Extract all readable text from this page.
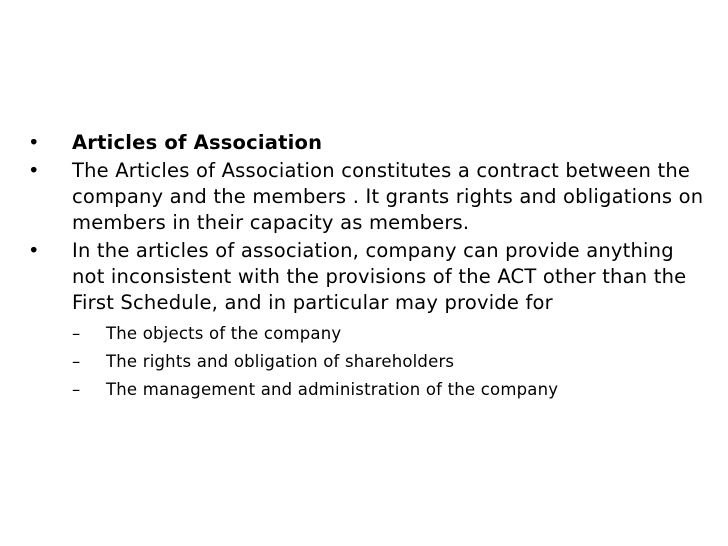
•	Articles of Association
•	The Articles of Association constitutes a contract between the company and the members . It grants rights and obligations on members in their capacity as members.
•	In the articles of association, company can provide anything not inconsistent with the provisions of the ACT other than the First Schedule, and in particular may provide for
– The objects of the company
– The rights and obligation of shareholders
– The management and administration of the company
